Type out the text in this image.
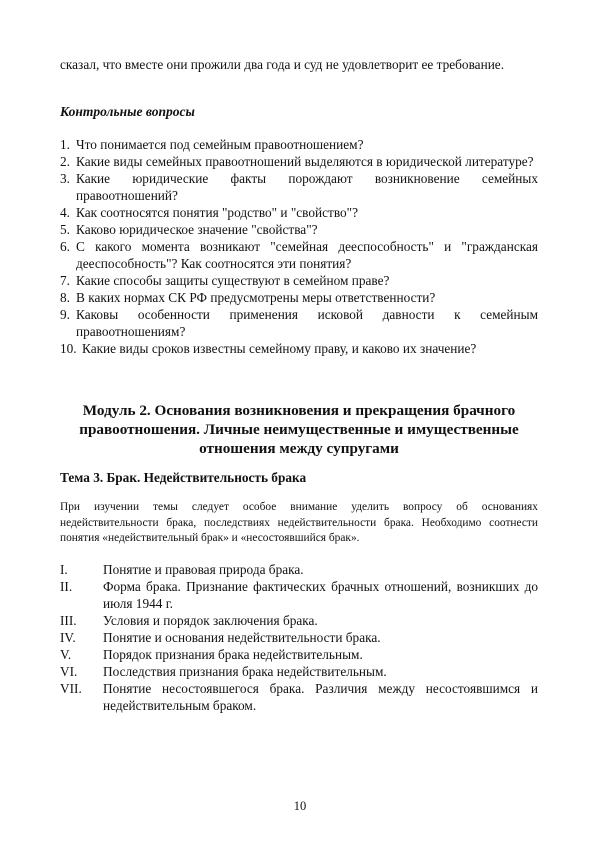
сказал, что вместе они прожили два года и суд не удовлетворит ее требование.
Контрольные вопросы
1. Что понимается под семейным правоотношением?
2. Какие виды семейных правоотношений выделяются в юридической литературе?
3. Какие юридические факты порождают возникновение семейных правоотношений?
4. Как соотносятся понятия "родство" и "свойство"?
5. Каково юридическое значение "свойства"?
6. С какого момента возникают "семейная дееспособность" и "гражданская дееспособность"? Как соотносятся эти понятия?
7. Какие способы защиты существуют в семейном праве?
8. В каких нормах СК РФ предусмотрены меры ответственности?
9. Каковы особенности применения исковой давности к семейным правоотношениям?
10. Какие виды сроков известны семейному праву, и каково их значение?
Модуль 2. Основания возникновения и прекращения брачного правоотношения. Личные неимущественные и имущественные отношения между супругами
Тема 3. Брак. Недействительность брака
При изучении темы следует особое внимание уделить вопросу об основаниях недействительности брака, последствиях недействительности брака. Необходимо соотнести понятия «недействительный брак» и «несостоявшийся брак».
I.	Понятие и правовая природа брака.
II. Форма брака. Признание фактических брачных отношений, возникших до июля 1944 г.
III. Условия и порядок заключения брака.
IV. Понятие и основания недействительности брака.
V. Порядок признания брака недействительным.
VI. Последствия признания брака недействительным.
VII. Понятие несостоявшегося брака. Различия между несостоявшимся и недействительным браком.
10
